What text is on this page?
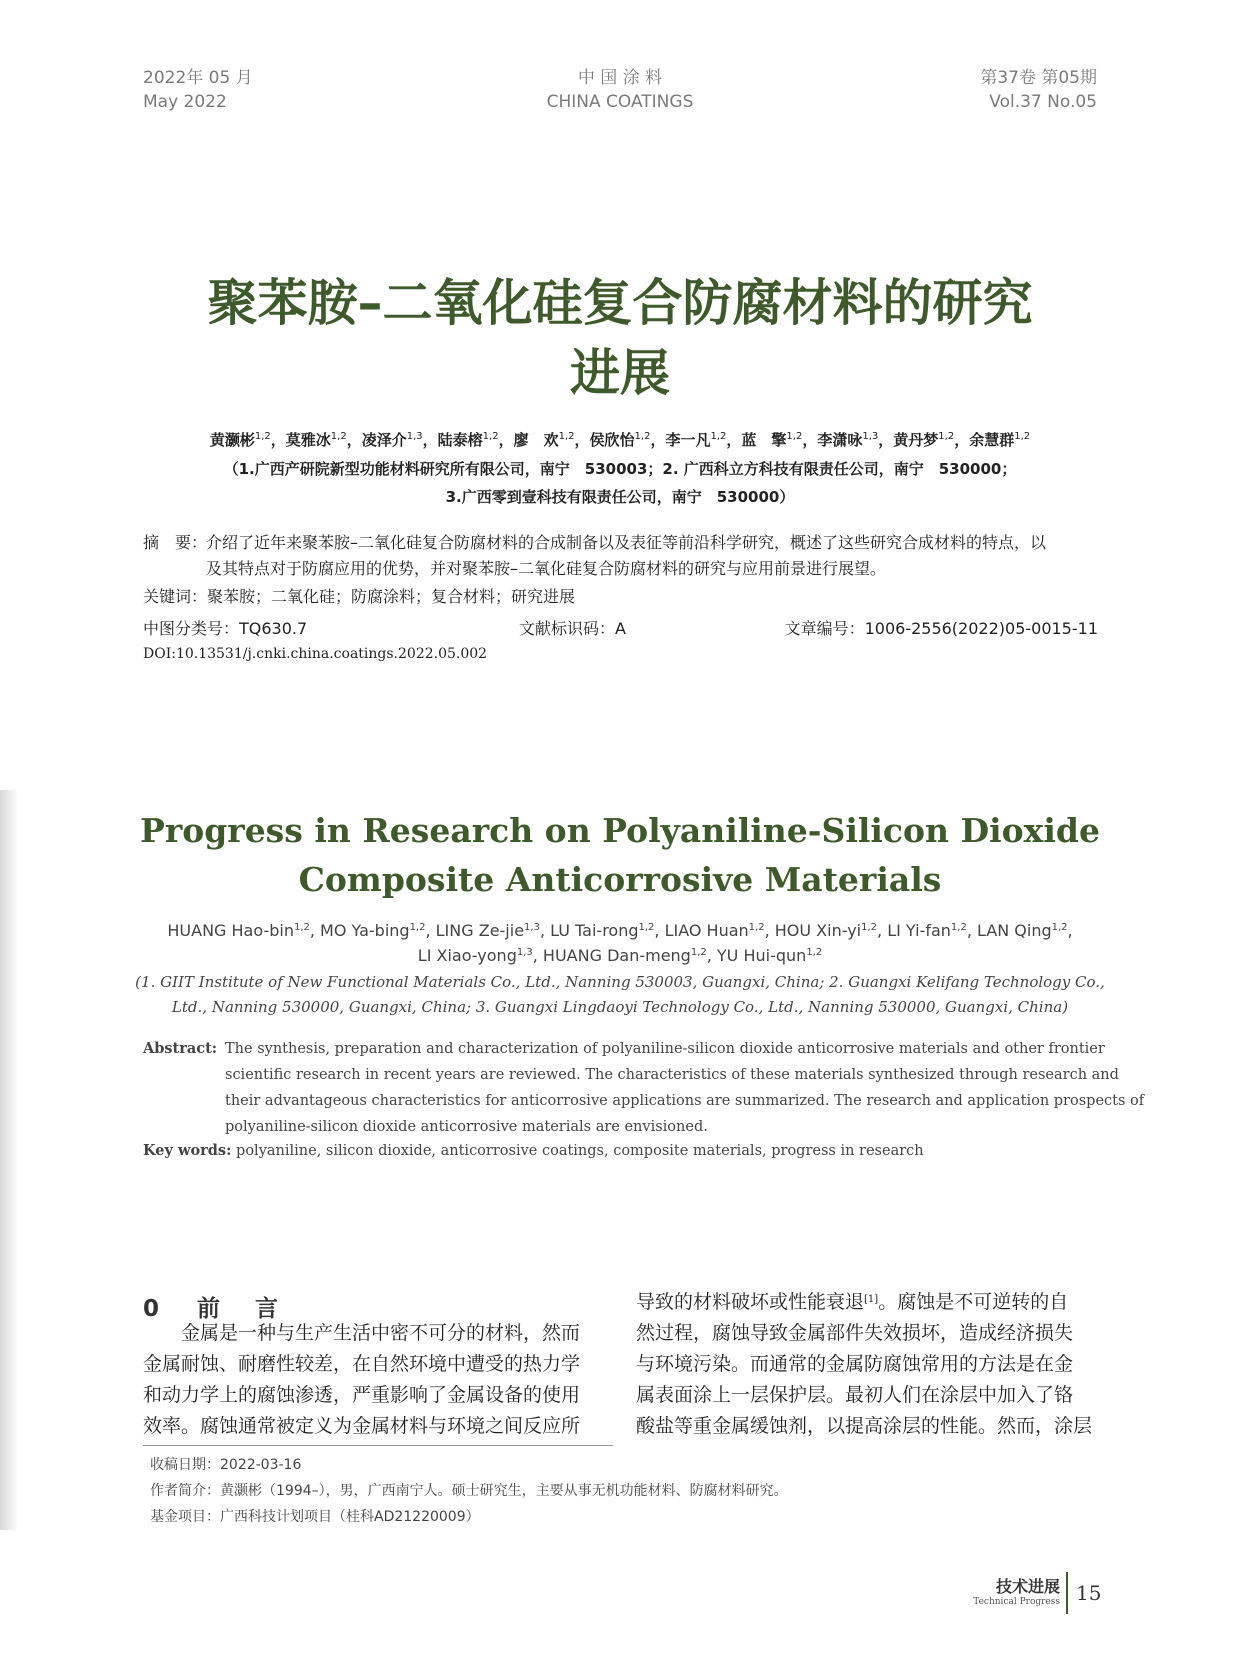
2022年 05 月
May 2022
中 国 涂 料
CHINA COATINGS
第37卷 第05期
Vol.37 No.05
聚苯胺–二氧化硅复合防腐材料的研究
进展
黄灏彬$^{1,2}$，莫雅冰$^{1,2}$，凌泽介$^{1,3}$，陆泰榕$^{1,2}$，廖　欢$^{1,2}$，侯欣怡$^{1,2}$，李一凡$^{1,2}$，蓝　擎$^{1,2}$，李潇咏$^{1,3}$，黄丹梦$^{1,2}$，余慧群$^{1,2}$
（1.广西产研院新型功能材料研究所有限公司，南宁　530003；2. 广西科立方科技有限责任公司，南宁　530000；
3.广西零到壹科技有限责任公司，南宁　530000）
摘　要：
介绍了近年来聚苯胺–二氧化硅复合防腐材料的合成制备以及表征等前沿科学研究，概述了这些研究合成材料的特点，以
及其特点对于防腐应用的优势，并对聚苯胺–二氧化硅复合防腐材料的研究与应用前景进行展望。
关键词：聚苯胺；二氧化硅；防腐涂料；复合材料；研究进展
中图分类号：TQ630.7	文献标识码：A	文章编号：1006-2556(2022)05-0015-11
DOI:10.13531/j.cnki.china.coatings.2022.05.002
Progress in Research on Polyaniline-Silicon Dioxide
Composite Anticorrosive Materials
HUANG Hao-bin$^{1,2}$, MO Ya-bing$^{1,2}$, LING Ze-jie$^{1,3}$, LU Tai-rong$^{1,2}$, LIAO Huan$^{1,2}$, HOU Xin-yi$^{1,2}$, LI Yi-fan$^{1,2}$, LAN Qing$^{1,2}$,
LI Xiao-yong$^{1,3}$, HUANG Dan-meng$^{1,2}$, YU Hui-qun$^{1,2}$
(1. GIIT Institute of New Functional Materials Co., Ltd., Nanning 530003, Guangxi, China; 2. Guangxi Kelifang Technology Co.,
Ltd., Nanning 530000, Guangxi, China; 3. Guangxi Lingdaoyi Technology Co., Ltd., Nanning 530000, Guangxi, China)
Abstract: The synthesis, preparation and characterization of polyaniline-silicon dioxide anticorrosive materials and other frontier
scientific research in recent years are reviewed. The characteristics of these materials synthesized through research and
their advantageous characteristics for anticorrosive applications are summarized. The research and application prospects of
polyaniline-silicon dioxide anticorrosive materials are envisioned.
Key words: polyaniline, silicon dioxide, anticorrosive coatings, composite materials, progress in research
0 前　言
　　金属是一种与生产生活中密不可分的材料，然而
金属耐蚀、耐磨性较差，在自然环境中遭受的热力学
和动力学上的腐蚀渗透，严重影响了金属设备的使用
效率。腐蚀通常被定义为金属材料与环境之间反应所
导致的材料破坏或性能衰退[1]。腐蚀是不可逆转的自
然过程，腐蚀导致金属部件失效损坏，造成经济损失
与环境污染。而通常的金属防腐蚀常用的方法是在金
属表面涂上一层保护层。最初人们在涂层中加入了铬
酸盐等重金属缓蚀剂，以提高涂层的性能。然而，涂层
收稿日期：2022-03-16
作者简介：黄灏彬（1994–），男，广西南宁人。硕士研究生，主要从事无机功能材料、防腐材料研究。
基金项目：广西科技计划项目（桂科AD21220009）
技术进展
Technical Progress 15
